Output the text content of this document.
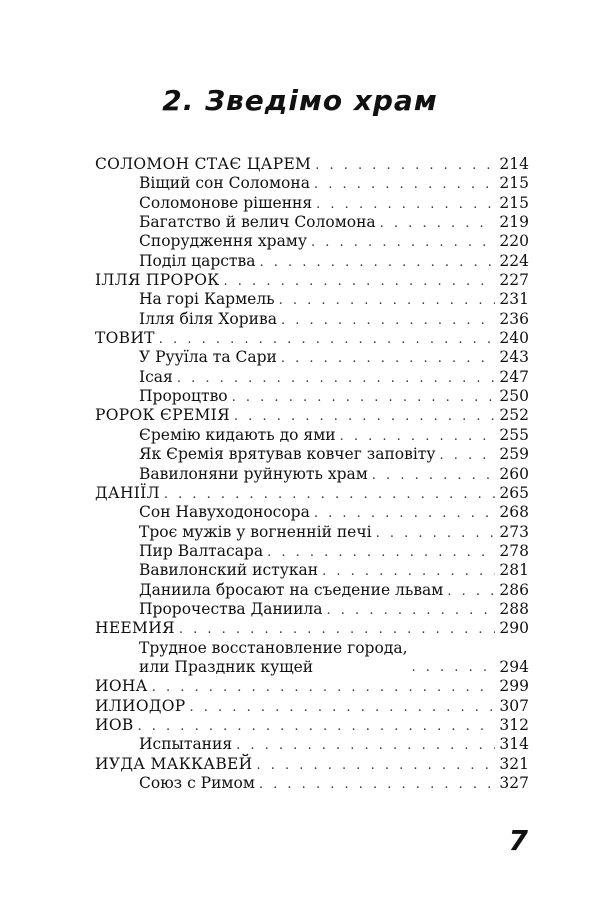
2. Зведімо храм
СОЛОМОН СТАЄ ЦАРЕМ . . .	214
Віщий сон Соломона . . .	215
Соломонове рішення . . .	215
Багатство й велич Соломона . . .	219
Спорудження храму . . .	220
Поділ царства . . .	224
ІЛЛЯ ПРОРОК . . .	227
На горі Кармель . . .	231
Ілля біля Хорива . . .	236
ТОВИТ . . .	240
У Рууїла та Сари . . .	243
Ісая . . .	247
Пророцтво . . .	250
РОРОК ЄРЕМІЯ . . .	252
Єремію кидають до ями . . .	255
Як Єремія врятував ковчег заповіту . . .	259
Вавилоняни руйнують храм . . .	260
ДАНІЇЛ . . .	265
Сон Навуходоносора . . .	268
Троє мужів у вогненній печі . . .	273
Пир Валтасара . . .	278
Вавилонский истукан . . .	281
Даниила бросают на съедение львам . . .	286
Пророчества Даниила . . .	288
НЕЕМИЯ . . .	290
Трудное восстановление города,
или Праздник кущей . . .	294
ИОНА . . .	299
ИЛИОДОР . . .	307
ИОВ . . .	312
Испытания . . .	314
ИУДА МАККАВЕЙ . . .	321
Союз с Римом . . .	327
7
